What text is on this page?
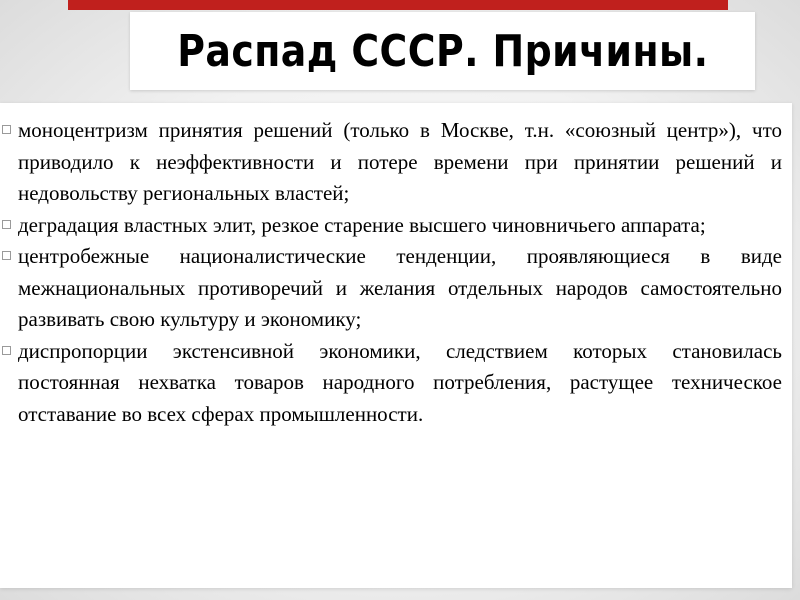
Распад СССР. Причины.
моноцентризм принятия решений (только в Москве, т.н. «союзный центр»), что приводило к неэффективности и потере времени при принятии решений и недовольству региональных властей;
деградация властных элит, резкое старение высшего чиновничьего аппарата;
центробежные националистические тенденции, проявляющиеся в виде межнациональных противоречий и желания отдельных народов самостоятельно развивать свою культуру и экономику;
диспропорции экстенсивной экономики, следствием которых становилась постоянная нехватка товаров народного потребления, растущее техническое отставание во всех сферах промышленности.
